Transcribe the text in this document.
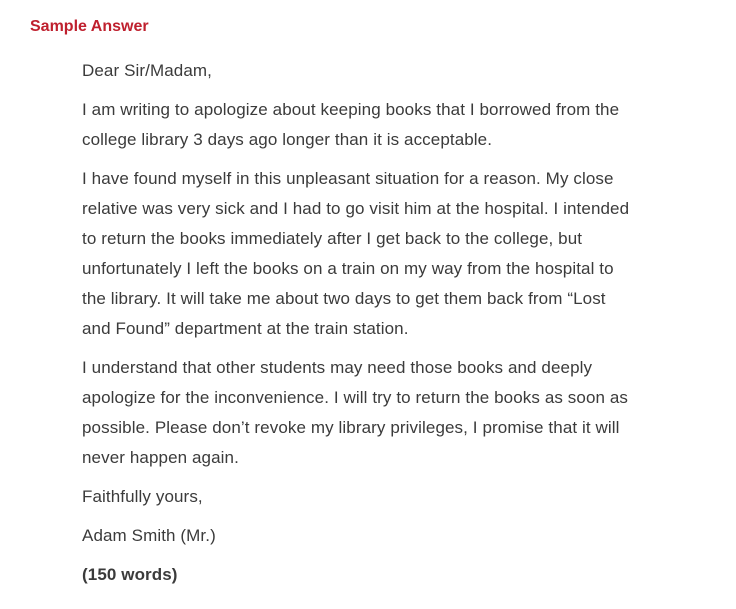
Sample Answer
Dear Sir/Madam,
I am writing to apologize about keeping books that I borrowed from the
college library 3 days ago longer than it is acceptable.
I have found myself in this unpleasant situation for a reason. My close
relative was very sick and I had to go visit him at the hospital. I intended
to return the books immediately after I get back to the college, but
unfortunately I left the books on a train on my way from the hospital to
the library. It will take me about two days to get them back from “Lost
and Found” department at the train station.
I understand that other students may need those books and deeply
apologize for the inconvenience. I will try to return the books as soon as
possible. Please don’t revoke my library privileges, I promise that it will
never happen again.
Faithfully yours,
Adam Smith (Mr.)
(150 words)
